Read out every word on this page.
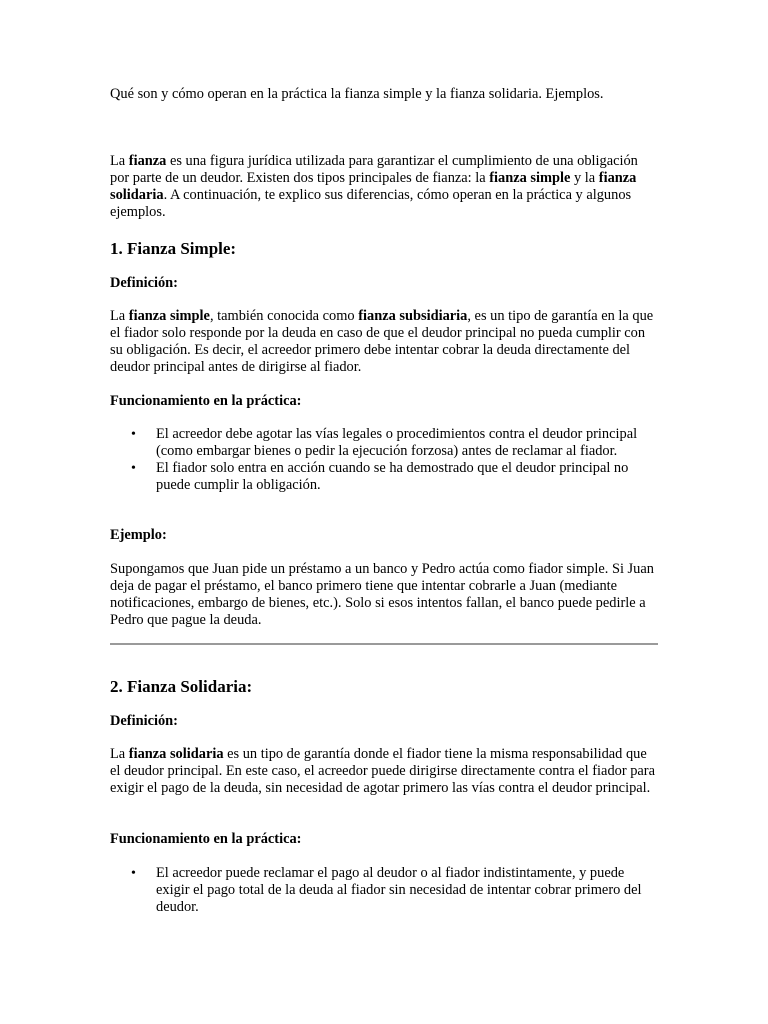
Qué son y cómo operan en la práctica la fianza simple y la fianza solidaria. Ejemplos.

La fianza es una figura jurídica utilizada para garantizar el cumplimiento de una obligación por parte de un deudor. Existen dos tipos principales de fianza: la fianza simple y la fianza solidaria. A continuación, te explico sus diferencias, cómo operan en la práctica y algunos ejemplos.

1. Fianza Simple:
Definición:

La fianza simple, también conocida como fianza subsidiaria, es un tipo de garantía en la que el fiador solo responde por la deuda en caso de que el deudor principal no pueda cumplir con su obligación. Es decir, el acreedor primero debe intentar cobrar la deuda directamente del deudor principal antes de dirigirse al fiador.

Funcionamiento en la práctica:
• El acreedor debe agotar las vías legales o procedimientos contra el deudor principal (como embargar bienes o pedir la ejecución forzosa) antes de reclamar al fiador.
• El fiador solo entra en acción cuando se ha demostrado que el deudor principal no puede cumplir la obligación.
Ejemplo:

Supongamos que Juan pide un préstamo a un banco y Pedro actúa como fiador simple. Si Juan deja de pagar el préstamo, el banco primero tiene que intentar cobrarle a Juan (mediante notificaciones, embargo de bienes, etc.). Solo si esos intentos fallan, el banco puede pedirle a Pedro que pague la deuda.

2. Fianza Solidaria:
Definición:

La fianza solidaria es un tipo de garantía donde el fiador tiene la misma responsabilidad que el deudor principal. En este caso, el acreedor puede dirigirse directamente contra el fiador para exigir el pago de la deuda, sin necesidad de agotar primero las vías contra el deudor principal.

Funcionamiento en la práctica:
• El acreedor puede reclamar el pago al deudor o al fiador indistintamente, y puede exigir el pago total de la deuda al fiador sin necesidad de intentar cobrar primero del deudor.
